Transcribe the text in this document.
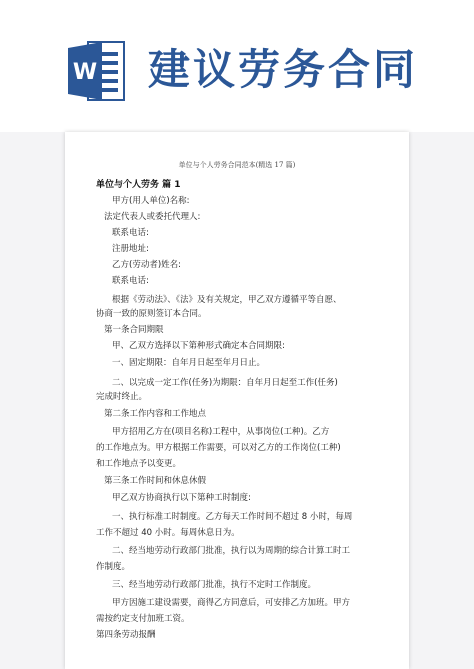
W 建议劳务合同
单位与个人劳务合同范本(精选 17 篇)
单位与个人劳务 篇 1
甲方(用人单位)名称:
法定代表人或委托代理人:
联系电话:
注册地址:
乙方(劳动者)姓名:
联系电话:
根据《劳动法》、《法》及有关规定，甲乙双方遵循平等自愿、
协商一致的原则签订本合同。
第一条合同期限
甲、乙双方选择以下第种形式确定本合同期限:
一、固定期限：自年月日起至年月日止。
二、以完成一定工作(任务)为期限：自年月日起至工作(任务)
完成时终止。
第二条工作内容和工作地点
甲方招用乙方在(项目名称)工程中，从事岗位(工种)。乙方
的工作地点为。甲方根据工作需要，可以对乙方的工作岗位(工种)
和工作地点予以变更。
第三条工作时间和休息休假
甲乙双方协商执行以下第种工时制度:
一、执行标准工时制度。乙方每天工作时间不超过 8 小时，每周
工作不超过 40 小时。每周休息日为。
二、经当地劳动行政部门批准，执行以为周期的综合计算工时工
作制度。
三、经当地劳动行政部门批准，执行不定时工作制度。
甲方因施工建设需要，商得乙方同意后，可安排乙方加班。甲方
需按约定支付加班工资。
第四条劳动报酬
